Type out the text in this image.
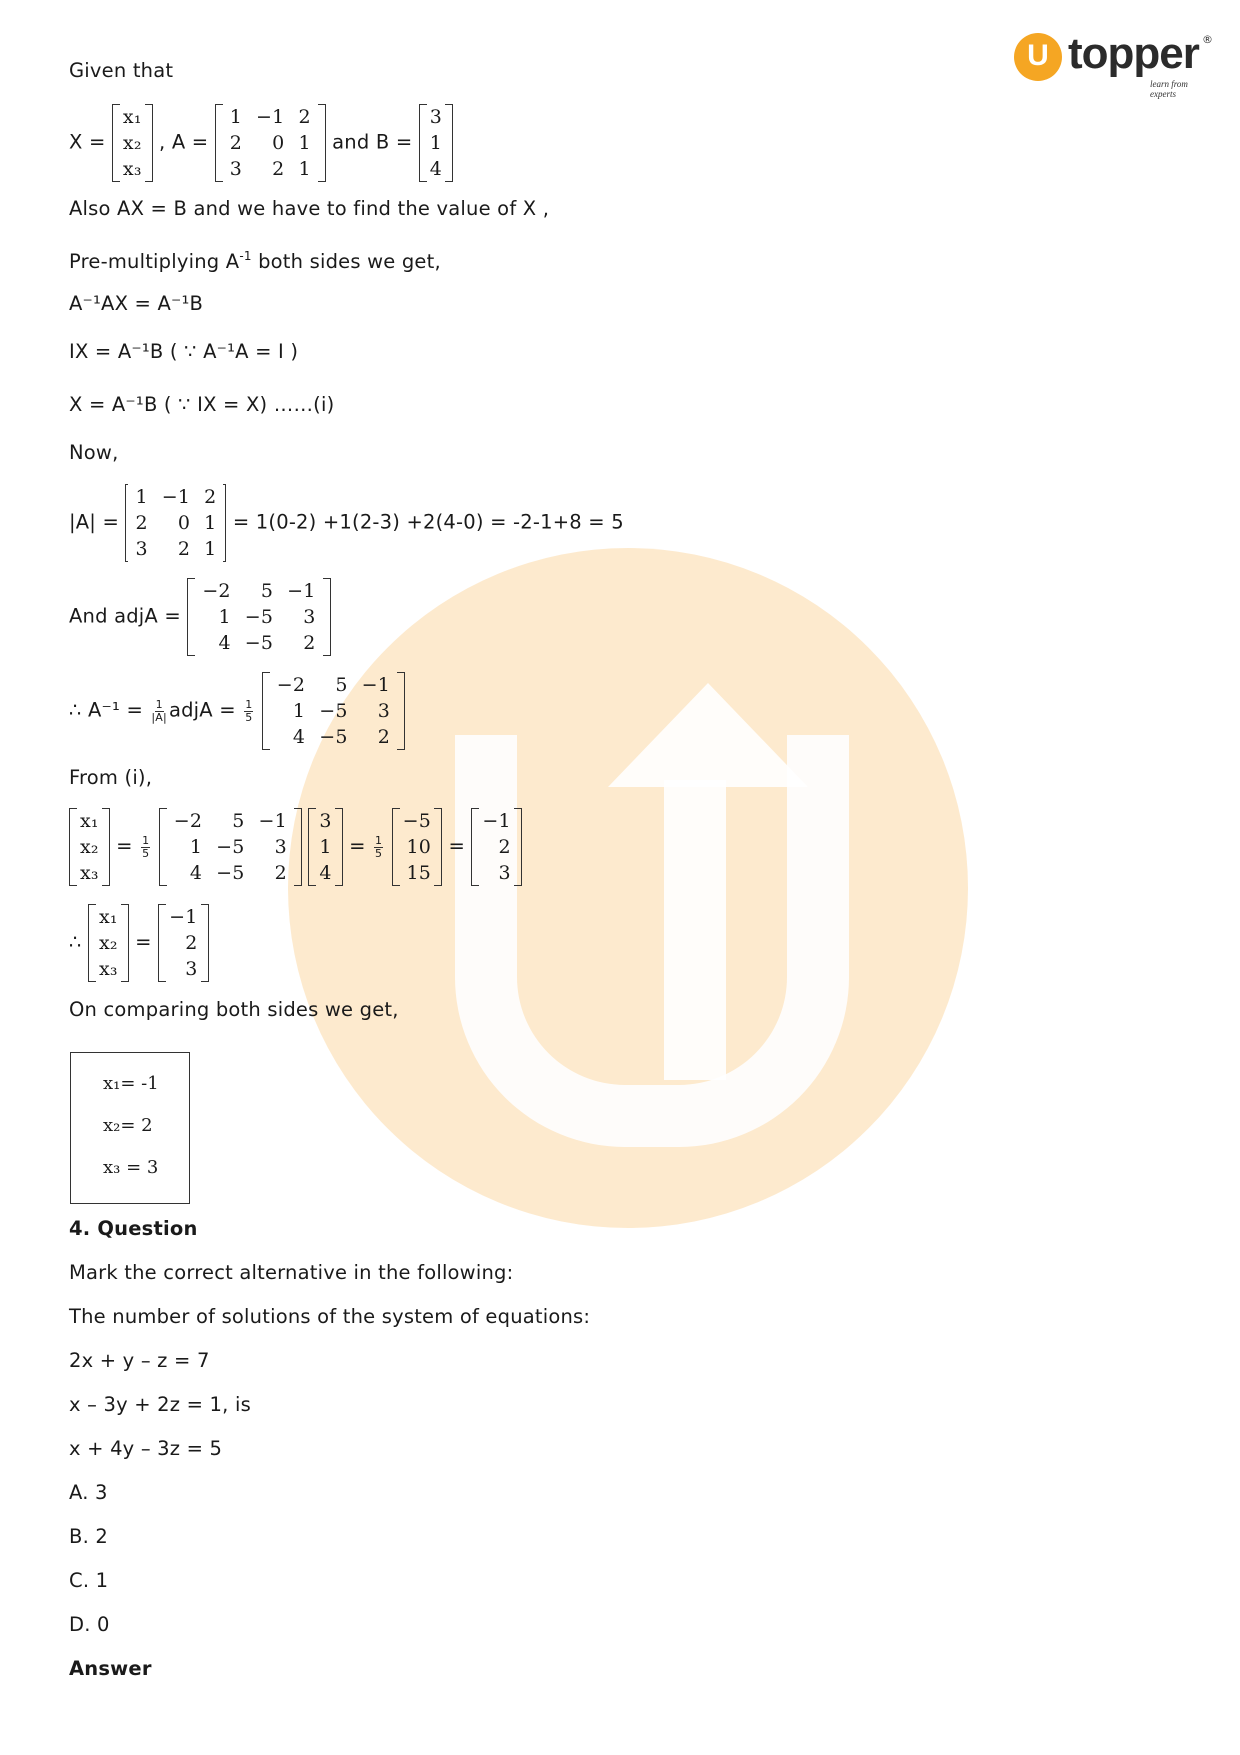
U topper
learn from experts
®
Given that
X =
x₁
x₂
x₃
, A =
1	−1	2
2	0	1
3	2	1
and B =
3
1
4
Also AX = B and we have to find the value of X ,
Pre-multiplying $A^{-1}$ both sides we get,
A⁻¹AX = A⁻¹B
IX = A⁻¹B ( ∵ A⁻¹A = I )
X = A⁻¹B ( ∵ IX = X) ……(i)
Now,
|A| =
1	−1	2
2	0	1
3	2	1
= 1(0-2) +1(2-3) +2(4-0) = -2-1+8 = 5
And adjA =
−2	5	−1
1	−5	3
4	−5	2
∴ $A^{-1} = \frac{1}{|A|}$ adjA = $\frac{1}{5}$

−2	5	−1
1	−5	3
4	−5	2
From (i),
x₁
x₂
x₃
= $\frac{1}{5}$

−2	5	−1
1	−5	3
4	−5	2

3
1
4
= $\frac{1}{5}$

−5
10
15
=
−1
2
3
∴
x₁
x₂
x₃
=
−1
2
3
On comparing both sides we get,
x₁= -1
x₂= 2
x₃ = 3
4. Question
Mark the correct alternative in the following:
The number of solutions of the system of equations:
2x + y – z = 7
x – 3y + 2z = 1, is
x + 4y – 3z = 5
A. 3
B. 2
C. 1
D. 0
Answer
